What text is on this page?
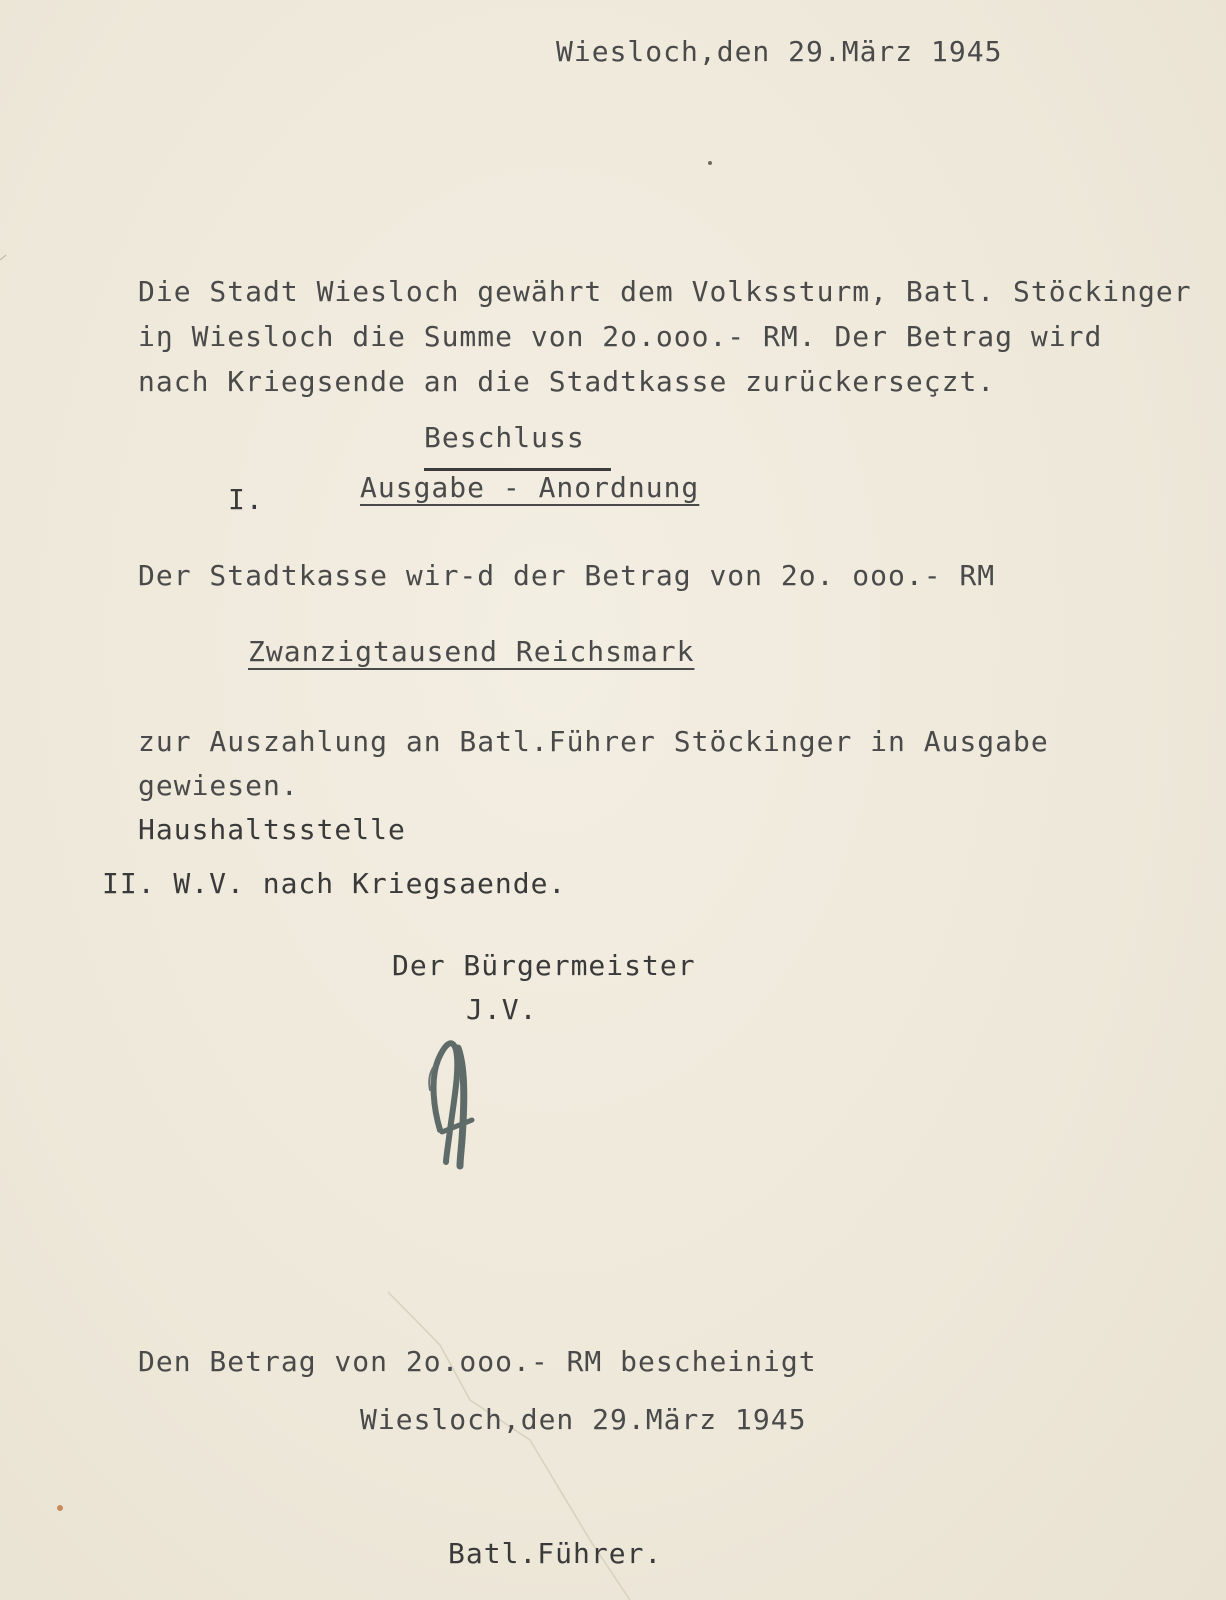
Wiesloch,den 29.März 1945
Die Stadt Wiesloch gewährt dem Volkssturm, Batl. Stöckinger
iŋ Wiesloch die Summe von 2o.ooo.- RM. Der Betrag wird
nach Kriegsende an die Stadtkasse zurückerseçzt.
Beschluss
I.	Ausgabe - Anordnung
Der Stadtkasse wir-d der Betrag von 2o. ooo.- RM
Zwanzigtausend Reichsmark
zur Auszahlung an Batl.Führer Stöckinger in Ausgabe
gewiesen.
Haushaltsstelle
II. W.V. nach Kriegsaende.
Der Bürgermeister
J.V.
Den Betrag von 2o.ooo.- RM bescheinigt
Wiesloch,den 29.März 1945
Batl.Führer.
